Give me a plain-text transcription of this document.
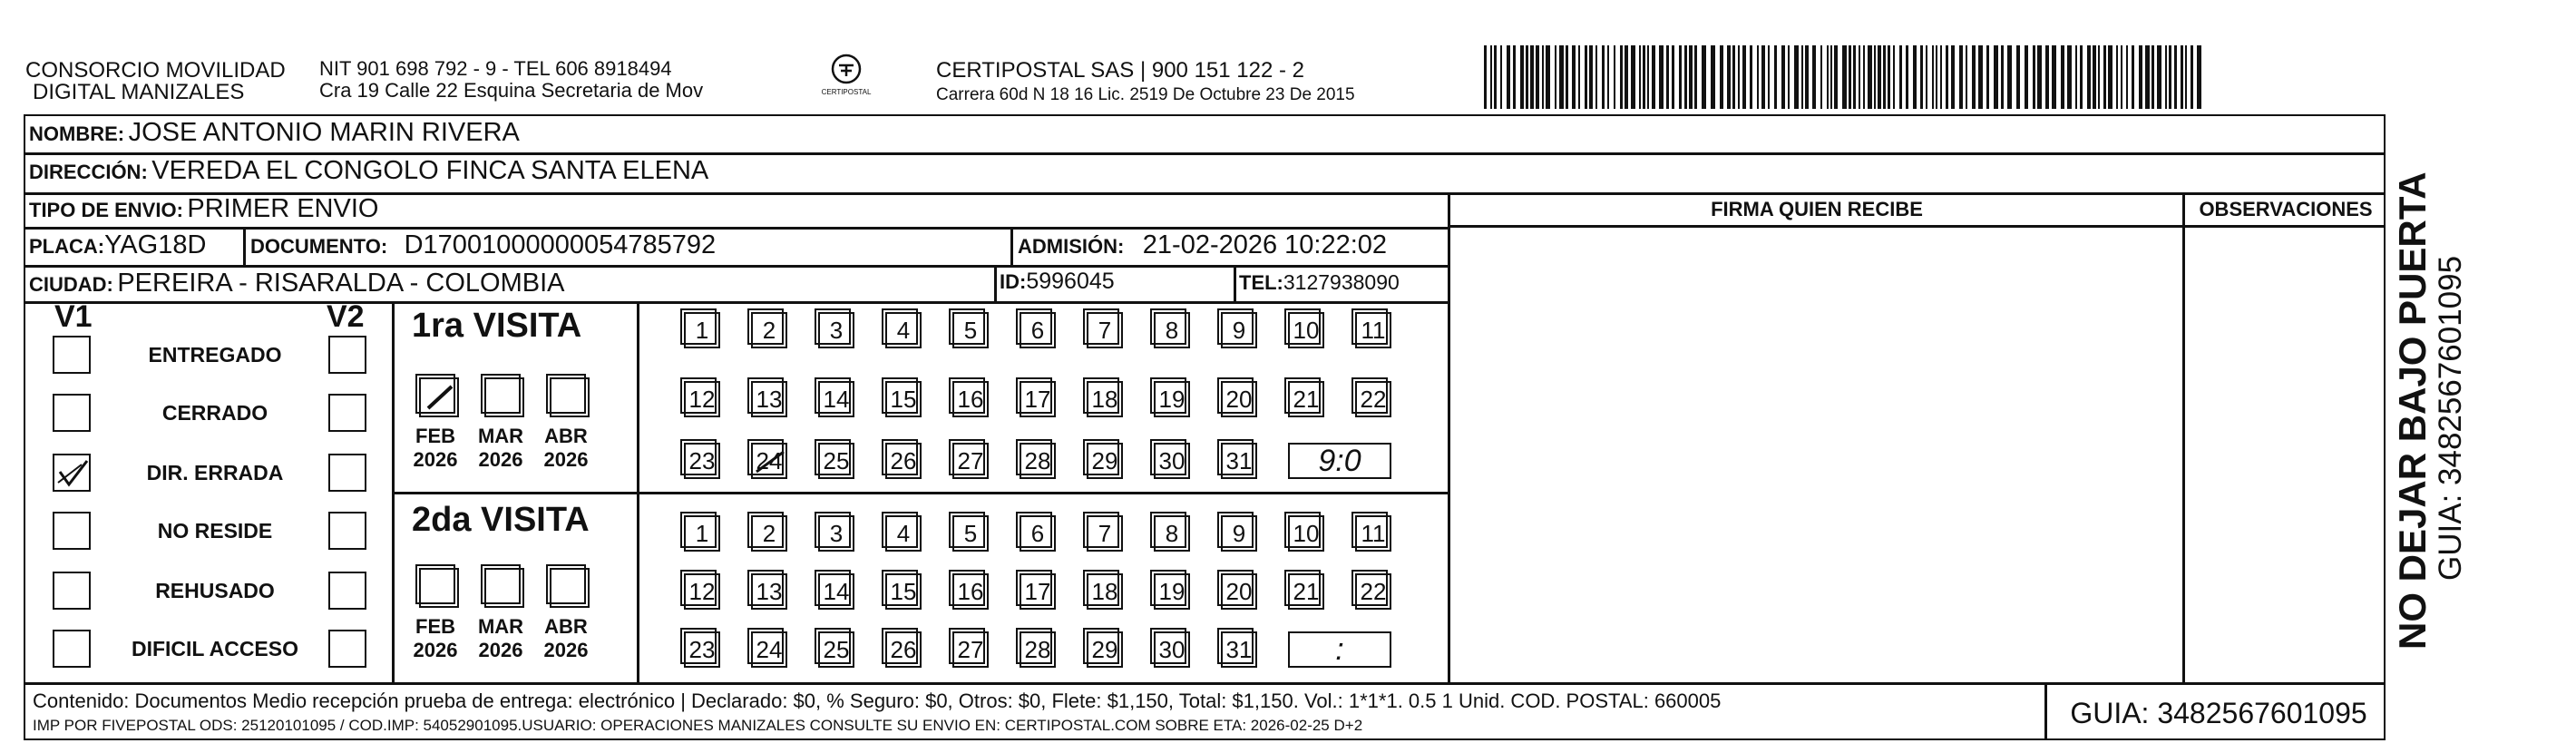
CONSORCIO MOVILIDAD
DIGITAL MANIZALES
NIT 901 698 792 - 9 - TEL 606 8918494
Cra 19 Calle 22 Esquina Secretaria de Mov	CERTIPOSTAL
CERTIPOSTAL SAS | 900 151 122 - 2
Carrera 60d N 18 16 Lic. 2519 De Octubre 23 De 2015
NOMBRE: JOSE ANTONIO MARIN RIVERA
DIRECCIÓN: VEREDA EL CONGOLO FINCA SANTA ELENA
TIPO DE ENVIO: PRIMER ENVIO
PLACA:YAG18D DOCUMENTO: D17001000000054785792	ADMISIÓN: 21-02-2026 10:22:02
CIUDAD: PEREIRA - RISARALDA - COLOMBIA	ID:5996045	TEL:3127938090
FIRMA QUIEN RECIBE	OBSERVACIONES
V1	V2
ENTREGADO
CERRADO
DIR. ERRADA
NO RESIDE
REHUSADO
DIFICIL ACCESO
1ra VISITA
2da VISITA
1	2	3	4	5	6	7	8	9	10 11
12 13 14 15 16 17 18 19 20 21 22
23 24 25 26 27 28 29 30 31 9:0
1	2	3	4	5	6	7	8	9	10 11
12 13 14 15 16 17 18 19 20 21 22
23 24 25 26 27 28 29 30 31	:
FEB
2026
MAR
2026
ABR
2026
FEB
2026
MAR
2026
ABR
2026
Contenido: Documentos Medio recepción prueba de entrega: electrónico | Declarado: $0, % Seguro: $0, Otros: $0, Flete: $1,150, Total: $1,150. Vol.: 1*1*1. 0.5 1 Unid. COD. POSTAL: 660005
IMP POR FIVEPOSTAL ODS: 25120101095 / COD.IMP: 54052901095.USUARIO: OPERACIONES MANIZALES CONSULTE SU ENVIO EN: CERTIPOSTAL.COM SOBRE ETA: 2026-02-25 D+2	GUIA: 3482567601095
NO DEJAR BAJO PUERTA GUIA: 3482567601095
